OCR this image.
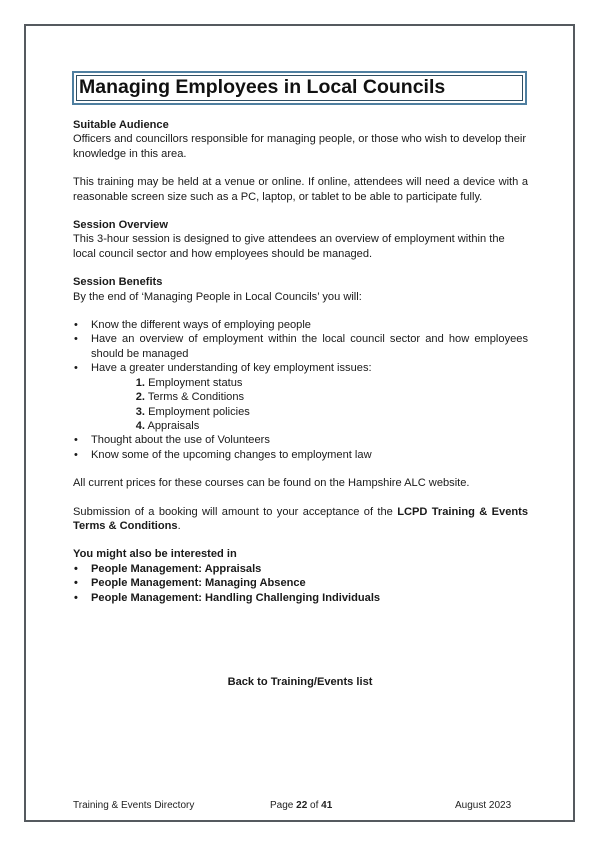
Managing Employees in Local Councils

Suitable Audience

Officers and councillors responsible for managing people, or those who wish to develop their knowledge in this area.

This training may be held at a venue or online. If online, attendees will need a device with a reasonable screen size such as a PC, laptop, or tablet to be able to participate fully.

Session Overview

This 3-hour session is designed to give attendees an overview of employment within the local council sector and how employees should be managed.

Session Benefits

By the end of ‘Managing People in Local Councils’ you will:

• Know the different ways of employing people
• Have an overview of employment within the local council sector and how employees should be managed
• Have a greater understanding of key employment issues:
1. Employment status
2. Terms & Conditions
3. Employment policies
4. Appraisals
• Thought about the use of Volunteers
• Know some of the upcoming changes to employment law

All current prices for these courses can be found on the Hampshire ALC website.

Submission of a booking will amount to your acceptance of the LCPD Training & Events Terms & Conditions.

You might also be interested in

• People Management: Appraisals
• People Management: Managing Absence
• People Management: Handling Challenging Individuals
Back to Training/Events list
Training & Events Directory	Page 22 of 41	August 2023
